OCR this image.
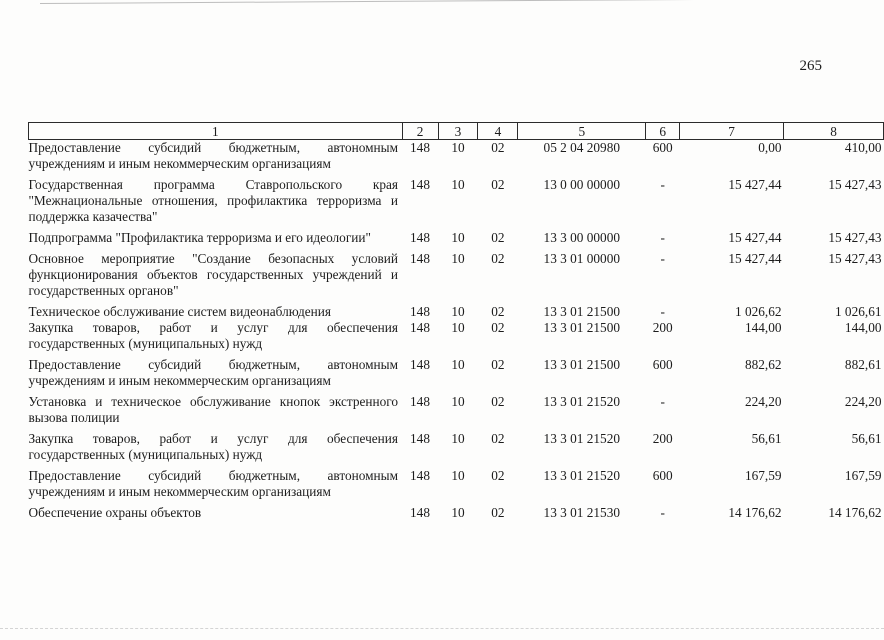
265
1	2	3	4	5	6	7	8
Предоставление субсидий бюджетным, автономным учреждениям и иным некоммерческим организациям	148	10	02	05 2 04 20980	600	0,00	410,00
Государственная программа Ставропольского края "Межнациональные отношения, профилактика терроризма и поддержка казачества"	148	10	02	13 0 00 00000	-	15 427,44	15 427,43
Подпрограмма "Профилактика терроризма и его идеологии"	148	10	02	13 3 00 00000	-	15 427,44	15 427,43
Основное мероприятие "Создание безопасных условий функционирования объектов государственных учреждений и государственных органов"	148	10	02	13 3 01 00000	-	15 427,44	15 427,43
Техническое обслуживание систем видеонаблюдения	148	10	02	13 3 01 21500	-	1 026,62	1 026,61
Закупка товаров, работ и услуг для обеспечения государственных (муниципальных) нужд	148	10	02	13 3 01 21500	200	144,00	144,00
Предоставление субсидий бюджетным, автономным учреждениям и иным некоммерческим организациям	148	10	02	13 3 01 21500	600	882,62	882,61
Установка и техническое обслуживание кнопок экстренного вызова полиции	148	10	02	13 3 01 21520	-	224,20	224,20
Закупка товаров, работ и услуг для обеспечения государственных (муниципальных) нужд	148	10	02	13 3 01 21520	200	56,61	56,61
Предоставление субсидий бюджетным, автономным учреждениям и иным некоммерческим организациям	148	10	02	13 3 01 21520	600	167,59	167,59
Обеспечение охраны объектов	148	10	02	13 3 01 21530	-	14 176,62	14 176,62
